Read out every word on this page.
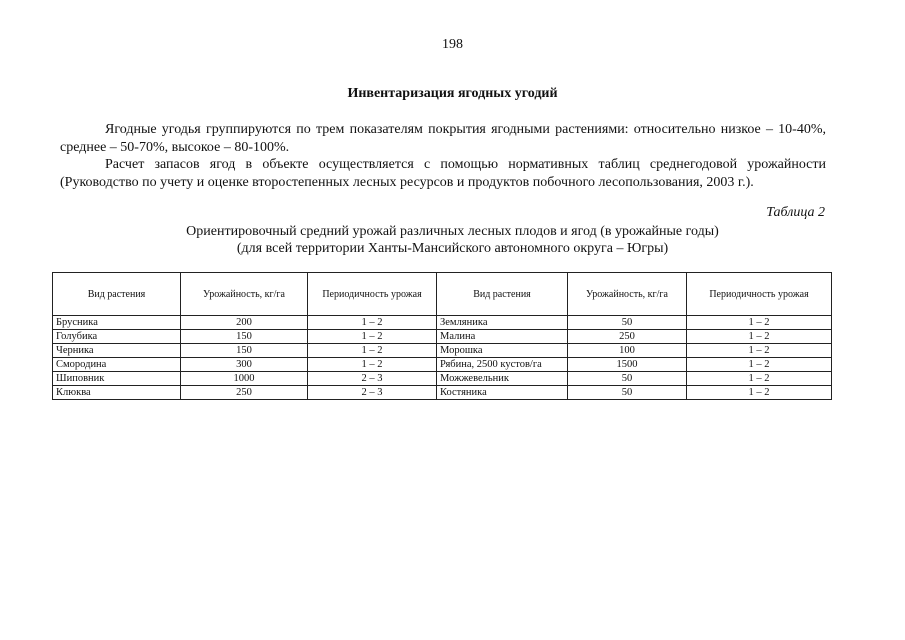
198
Инвентаризация ягодных угодий
Ягодные угодья группируются по трем показателям покрытия ягодными растениями: относительно низкое – 10-40%, среднее – 50-70%, высокое – 80-100%.
Расчет запасов ягод в объекте осуществляется с помощью нормативных таблиц среднегодовой урожайности (Руководство по учету и оценке второстепенных лесных ресурсов и продуктов побочного лесопользования, 2003 г.).
Таблица 2
Ориентировочный средний урожай различных лесных плодов и ягод (в урожайные годы)
(для всей территории Ханты-Мансийского автономного округа – Югры)
Вид растения	Урожайность, кг/га	Периодичность урожая	Вид растения	Урожайность, кг/га	Периодичность урожая
Брусника	200	1 – 2	Земляника	50	1 – 2
Голубика	150	1 – 2	Малина	250	1 – 2
Черника	150	1 – 2	Морошка	100	1 – 2
Смородина	300	1 – 2	Рябина, 2500 кустов/га	1500	1 – 2
Шиповник	1000	2 – 3	Можжевельник	50	1 – 2
Клюква	250	2 – 3	Костяника	50	1 – 2
